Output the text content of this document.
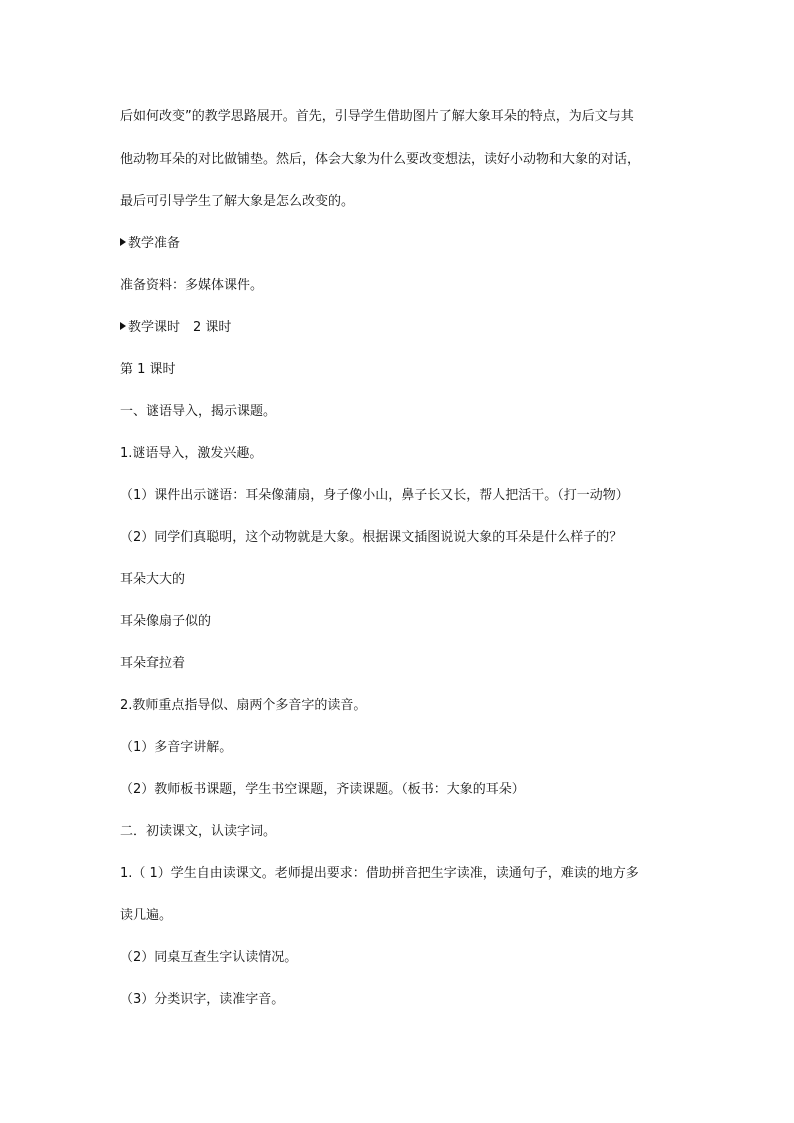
后如何改变”的教学思路展开。首先，引导学生借助图片了解大象耳朵的特点，为后文与其
他动物耳朵的对比做铺垫。然后，体会大象为什么要改变想法，读好小动物和大象的对话，
最后可引导学生了解大象是怎么改变的。
教学准备
准备资料：多媒体课件。
教学课时　2 课时
第 1 课时
一、谜语导入，揭示课题。
1.谜语导入，激发兴趣。
（1）课件出示谜语：耳朵像蒲扇，身子像小山，鼻子长又长，帮人把活干。（打一动物）
（2）同学们真聪明，这个动物就是大象。根据课文插图说说大象的耳朵是什么样子的？
耳朵大大的
耳朵像扇子似的
耳朵耷拉着
2.教师重点指导似、扇两个多音字的读音。
（1）多音字讲解。
（2）教师板书课题，学生书空课题，齐读课题。（板书：大象的耳朵）
二．初读课文，认读字词。
1.（ 1）学生自由读课文。老师提出要求：借助拼音把生字读准，读通句子，难读的地方多
读几遍。
（2）同桌互查生字认读情况。
（3）分类识字，读准字音。
